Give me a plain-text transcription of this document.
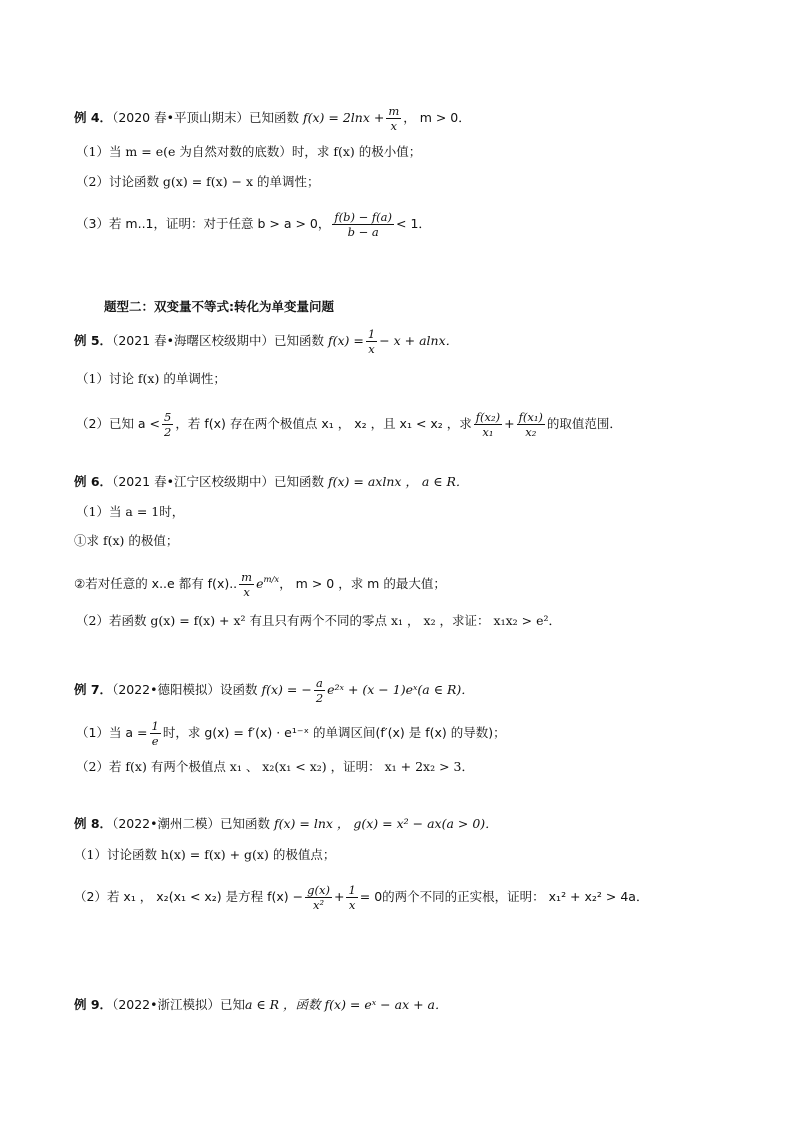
例 4．（2020 春•平顶山期末）已知函数 $f(x) = 2\ln x + \frac{m}{x}$ ， m > 0．
（1）当 m = e(e 为自然对数的底数）时，求 f(x) 的极小值；
（2）讨论函数 g(x) = f(x) − x 的单调性；
（3）若 m..1，证明：对于任意 b > a > 0， $\frac{f(b) - f(a)}{b - a} < 1$．
题型二：双变量不等式:转化为单变量问题
例 5．（2021 春•海曙区校级期中）已知函数 $f(x) = \frac{1}{x} - x + alnx$．
（1）讨论 f(x) 的单调性；
（2）已知 $a < \frac{5}{2}$ ，若 f(x) 存在两个极值点 x₁ ， x₂ ，且 x₁ < x₂ ，求 $\frac{\text{f(x₂)}}{\text{x₁}} + \frac{\text{f(x₁)}}{\text{x₂}}$ 的取值范围．
例 6．（2021 春•江宁区校级期中）已知函数 f(x) = axlnx ， a ∈ R．
（1）当 a = 1时，
①求 f(x) 的极值；
②若对任意的 x..e 都有 f(x).. $\frac{m}{x} e^{m/x}$， m > 0 ，求 m 的最大值；
（2）若函数 g(x) = f(x) + x² 有且只有两个不同的零点 x₁ ， x₂ ，求证： x₁x₂ > e²．
例 7．（2022•德阳模拟）设函数 f(x) = − $\frac{a}{2}$ e²ˣ + (x − 1)eˣ(a ∈ R)．
（1）当 $a = \frac{1}{e}$ 时，求 g(x) = f′(x) · e¹⁻ˣ 的单调区间(f′(x) 是 f(x) 的导数)；
（2）若 f(x) 有两个极值点 x₁ 、 x₂(x₁ < x₂) ，证明： x₁ + 2x₂ > 3．
例 8．（2022•潮州二模）已知函数 f(x) = lnx ， g(x) = x² − ax(a > 0)．
（1）讨论函数 h(x) = f(x) + g(x) 的极值点；
（2）若 x₁ ， x₂(x₁ < x₂) 是方程 $f(x) - \frac{g(x)}{\text{x²}} + \frac{1}{x} = 0$的两个不同的正实根，证明： x₁² + x₂² > 4a．
例 9．（2022•浙江模拟）已知a ∈ R ，函数 f(x) = eˣ − ax + a．
